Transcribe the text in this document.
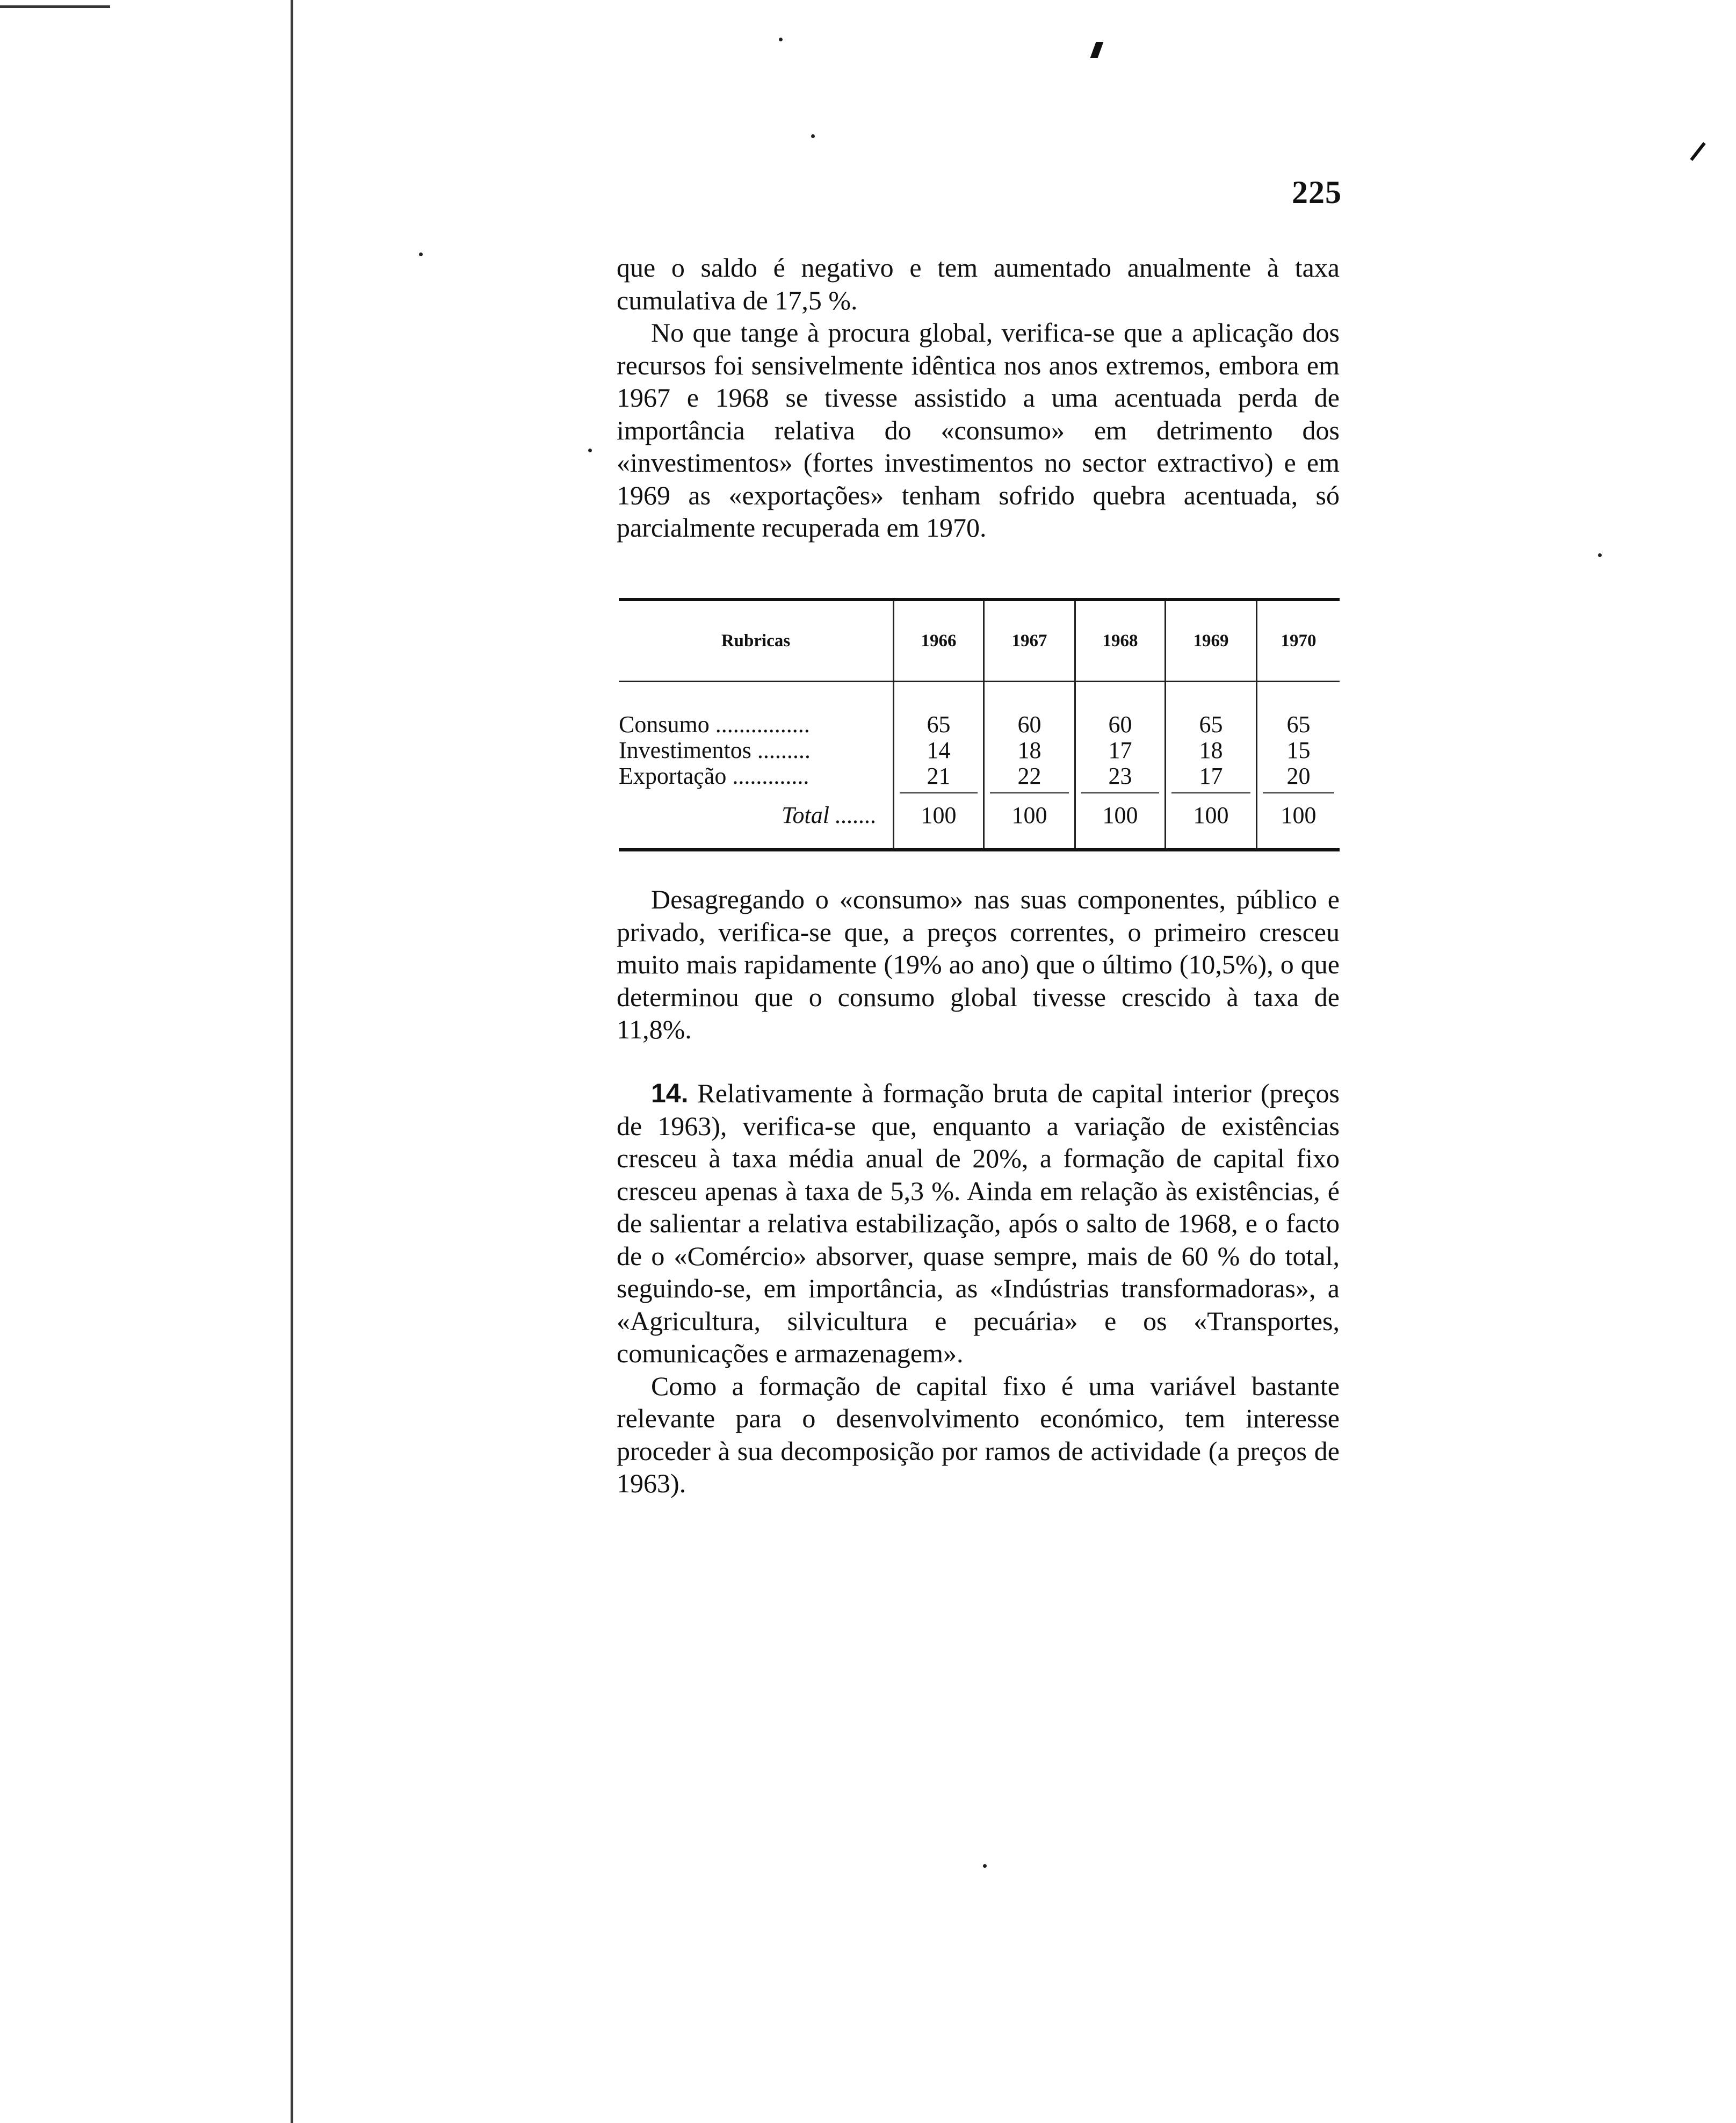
225

que o saldo é negativo e tem aumentado anualmente à taxa cumulativa de 17,5 %.

No que tange à procura global, verifica-se que a aplicação dos recursos foi sensivelmente idêntica nos anos extremos, embora em 1967 e 1968 se tivesse assistido a uma acentuada perda de importância relativa do «consumo» em detrimento dos «investimentos» (fortes investimentos no sector extractivo) e em 1969 as «exportações» tenham sofrido quebra acentuada, só parcialmente recuperada em 1970.

Rubricas	1966	1967	1968	1969	1970
Consumo ................	65	60	60	65	65
Investimentos .........	14	18	17	18	15
Exportação .............	21	22	23	17	20
Total .......	100	100	100	100	100

Desagregando o «consumo» nas suas componentes, público e privado, verifica-se que, a preços correntes, o primeiro cresceu muito mais rapidamente (19% ao ano) que o último (10,5%), o que determinou que o consumo global tivesse crescido à taxa de 11,8%.

14. Relativamente à formação bruta de capital interior (preços de 1963), verifica-se que, enquanto a variação de existências cresceu à taxa média anual de 20%, a formação de capital fixo cresceu apenas à taxa de 5,3 %. Ainda em relação às existências, é de salientar a relativa estabilização, após o salto de 1968, e o facto de o «Comércio» absorver, quase sempre, mais de 60 % do total, seguindo-se, em importância, as «Indústrias transformadoras», a «Agricultura, silvicultura e pecuária» e os «Transportes, comunicações e armazenagem».

Como a formação de capital fixo é uma variável bastante relevante para o desenvolvimento económico, tem interesse proceder à sua decomposição por ramos de actividade (a preços de 1963).
